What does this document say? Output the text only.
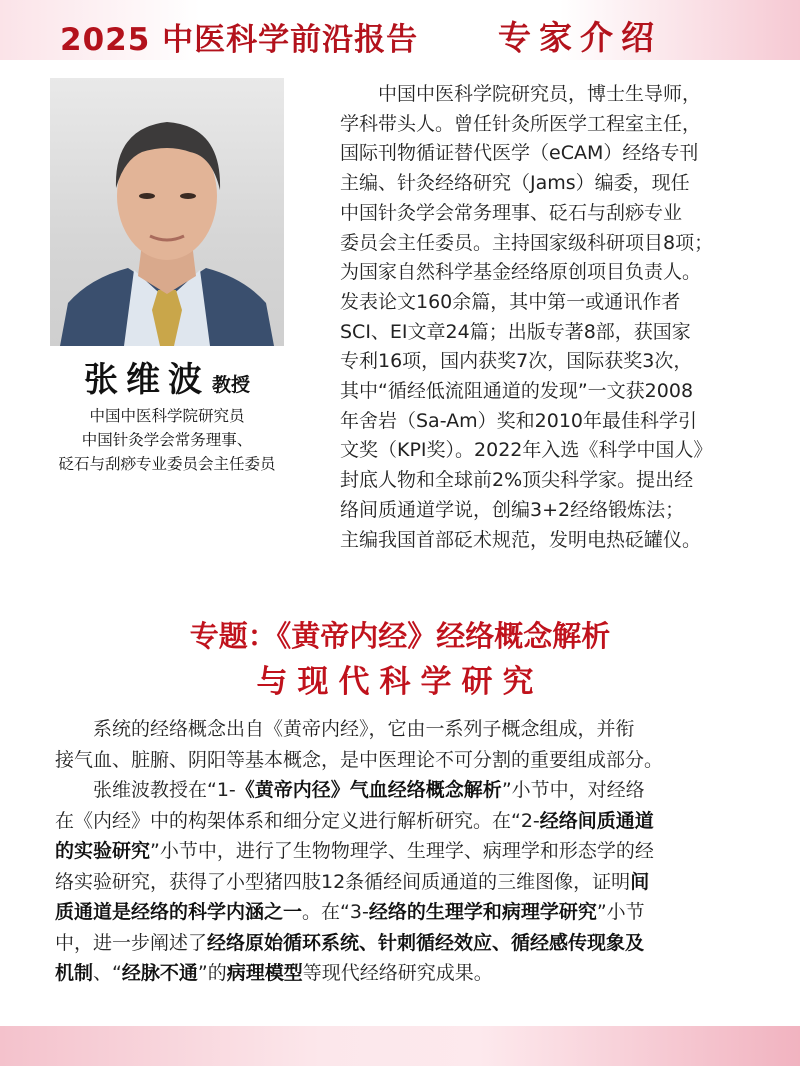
2025 中医科学前沿报告 专家介绍
张维波 教授
中国中医科学院研究员
中国针灸学会常务理事、
砭石与刮痧专业委员会主任委员
　　中国中医科学院研究员，博士生导师，
学科带头人。曾任针灸所医学工程室主任，
国际刊物循证替代医学（eCAM）经络专刊
主编、针灸经络研究（Jams）编委，现任
中国针灸学会常务理事、砭石与刮痧专业
委员会主任委员。主持国家级科研项目8项；
为国家自然科学基金经络原创项目负责人。
发表论文160余篇，其中第一或通讯作者
SCI、EI文章24篇；出版专著8部，获国家
专利16项，国内获奖7次，国际获奖3次，
其中“循经低流阻通道的发现”一文获2008
年舍岩（Sa-Am）奖和2010年最佳科学引
文奖（KPI奖）。2022年入选《科学中国人》
封底人物和全球前2%顶尖科学家。提出经
络间质通道学说，创编3+2经络锻炼法；
主编我国首部砭术规范，发明电热砭罐仪。
专题：《黄帝内经》经络概念解析
与现代科学研究
　　系统的经络概念出自《黄帝内经》，它由一系列子概念组成，并衔
接气血、脏腑、阴阳等基本概念，是中医理论不可分割的重要组成部分。
　　张维波教授在“1-《黄帝内径》气血经络概念解析”小节中，对经络
在《内经》中的构架体系和细分定义进行解析研究。在“2-经络间质通道
的实验研究”小节中，进行了生物物理学、生理学、病理学和形态学的经
络实验研究，获得了小型猪四肢12条循经间质通道的三维图像，证明间
质通道是经络的科学内涵之一。在“3-经络的生理学和病理学研究”小节
中，进一步阐述了经络原始循环系统、针刺循经效应、循经感传现象及
机制、“经脉不通”的病理模型等现代经络研究成果。
